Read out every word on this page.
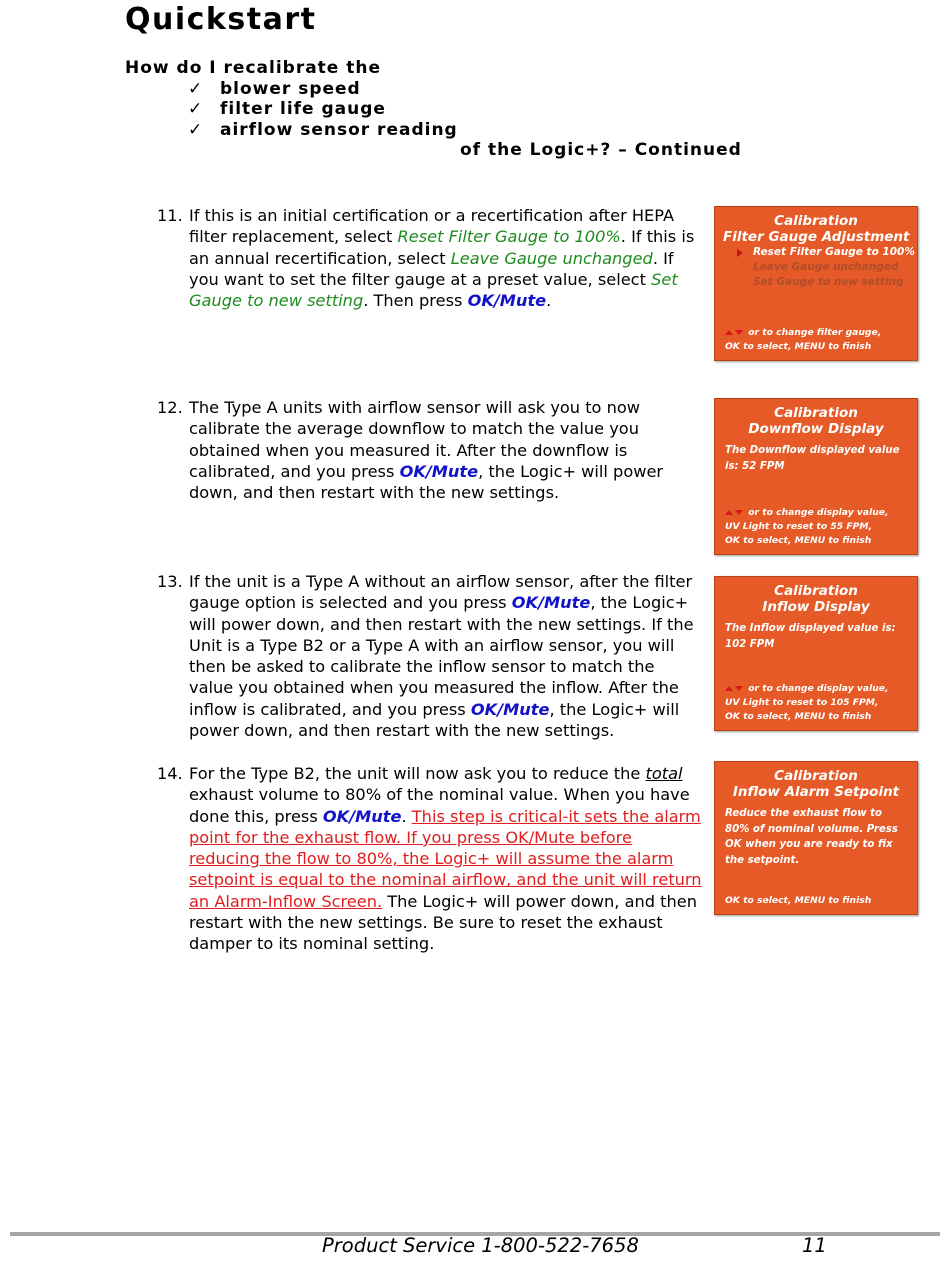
Quickstart
How do I recalibrate the
✓ blower speed
✓ filter life gauge
✓ airflow sensor reading
of the Logic+? – Continued
11. If this is an initial certification or a recertification after HEPA filter replacement, select Reset Filter Gauge to 100%. If this is an annual recertification, select Leave Gauge unchanged. If you want to set the filter gauge at a preset value, select Set Gauge to new setting. Then press OK/Mute.
12. The Type A units with airflow sensor will ask you to now calibrate the average downflow to match the value you obtained when you measured it. After the downflow is calibrated, and you press OK/Mute, the Logic+ will power down, and then restart with the new settings.
13. If the unit is a Type A without an airflow sensor, after the filter gauge option is selected and you press OK/Mute, the Logic+ will power down, and then restart with the new settings. If the Unit is a Type B2 or a Type A with an airflow sensor, you will then be asked to calibrate the inflow sensor to match the value you obtained when you measured the inflow. After the inflow is calibrated, and you press OK/Mute, the Logic+ will power down, and then restart with the new settings.
14. For the Type B2, the unit will now ask you to reduce the total exhaust volume to 80% of the nominal value. When you have done this, press OK/Mute. This step is critical-it sets the alarm point for the exhaust flow. If you press OK/Mute before reducing the flow to 80%, the Logic+ will assume the alarm setpoint is equal to the nominal airflow, and the unit will return an Alarm-Inflow Screen. The Logic+ will power down, and then restart with the new settings. Be sure to reset the exhaust damper to its nominal setting.
Calibration
Filter Gauge Adjustment
Reset Filter Gauge to 100%
Leave Gauge unchanged
Set Gauge to new setting
or to change filter gauge,
OK to select, MENU to finish
Calibration
Downflow Display
The Downflow displayed value is: 52 FPM
or to change display value,
UV Light to reset to 55 FPM,
OK to select, MENU to finish
Calibration
Inflow Display
The Inflow displayed value is: 102 FPM
or to change display value,
UV Light to reset to 105 FPM,
OK to select, MENU to finish
Calibration
Inflow Alarm Setpoint
Reduce the exhaust flow to 80% of nominal volume. Press OK when you are ready to fix the setpoint.
OK to select, MENU to finish
Product Service 1-800-522-7658	11
